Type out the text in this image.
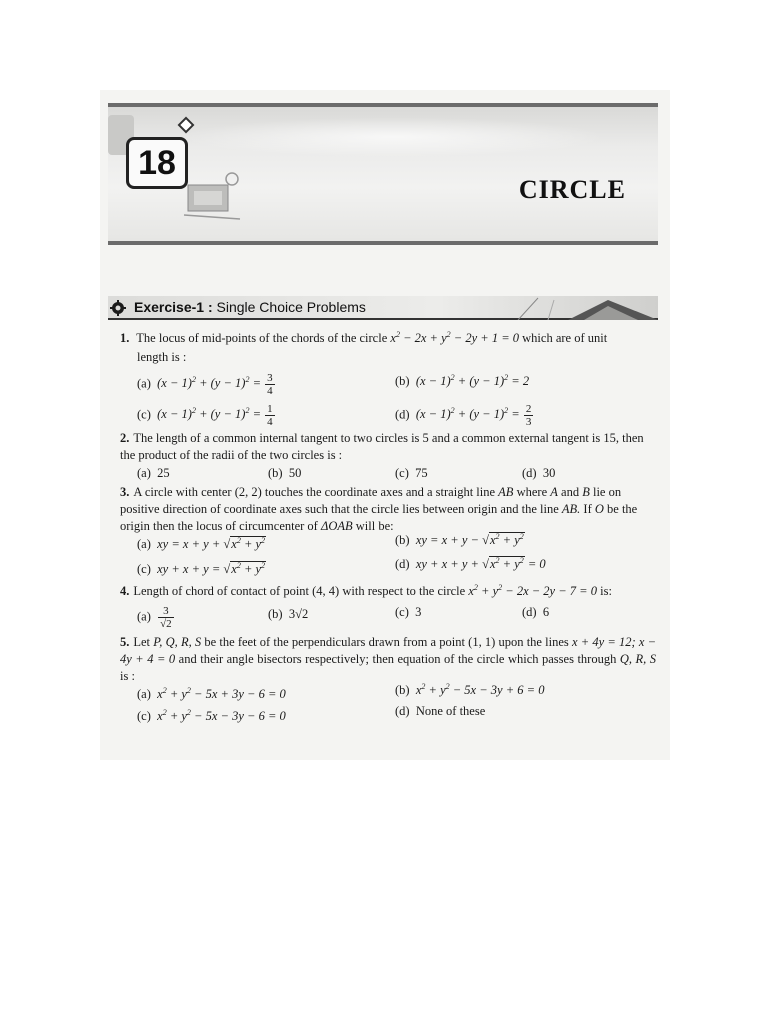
18
CIRCLE
Exercise-1 : Single Choice Problems
1. The locus of mid-points of the chords of the circle $x^2 - 2x + y^2 - 2y + 1 = 0$ which are of unit
length is :
(a) $(x - 1)^2 + (y - 1)^2 = \frac{3}{4}$	(b) $(x - 1)^2 + (y - 1)^2 = 2$
(c) $(x - 1)^2 + (y - 1)^2 = \frac{1}{4}$	(d) $(x - 1)^2 + (y - 1)^2 = \frac{2}{3}$
2. The length of a common internal tangent to two circles is 5 and a common external tangent is 15, then the product of the radii of the two circles is :
(a) 25	(b) 50	(c) 75	(d) 30
3. A circle with center (2, 2) touches the coordinate axes and a straight line AB where A and B lie on positive direction of coordinate axes such that the circle lies between origin and the line AB. If O be the origin then the locus of circumcenter of ΔOAB will be:
(a) xy = $x + y + √x^2 + y^2$	(b) xy = $x + y - √x^2 + y^2$
(c) xy + $x + y = √x^2 + y^2$	(d) xy + $x + y + √x^2 + y^2 = 0$
4. Length of chord of contact of point (4, 4) with respect to the circle $x^2 + y^2 - 2x - 2y - 7 = 0$ is:
$(a) \frac{3}{√2}$	(b) 3√2	(c) 3	(d) 6
5. Let P, Q, R, S be the feet of the perpendiculars drawn from a point (1, 1) upon the lines x + 4y = 12; x − 4y + 4 = 0 and their angle bisectors respectively; then equation of the circle which passes through Q, R, S is :
(a) $x^2 + y^2 - 5x + 3y - 6 = 0$	(b) $x^2 + y^2 - 5x - 3y + 6 = 0$
(c) $x^2 + y^2 - 5x - 3y - 6 = 0$	(d) None of these
